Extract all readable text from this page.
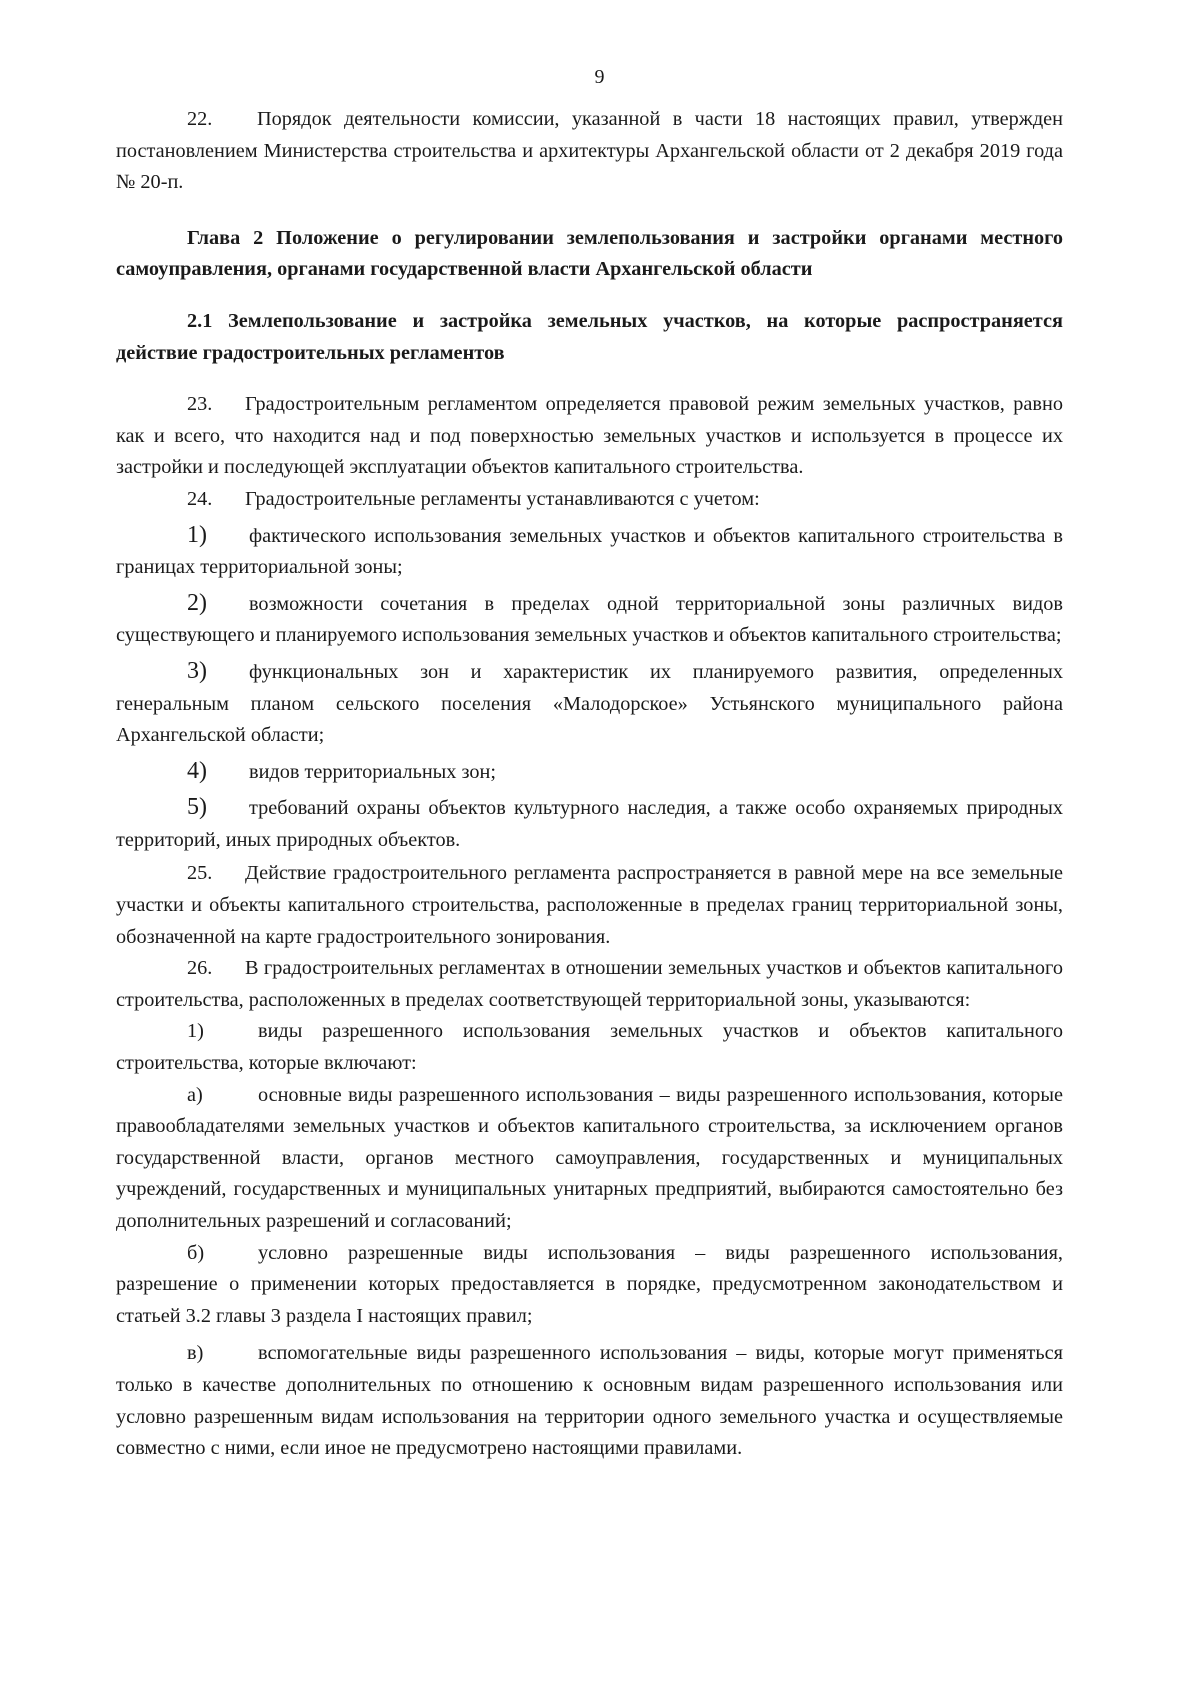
9

22. Порядок деятельности комиссии, указанной в части 18 настоящих правил, утвержден постановлением Министерства строительства и архитектуры Архангельской области от 2 декабря 2019 года № 20-п.

Глава 2 Положение о регулировании землепользования и застройки органами местного самоуправления, органами государственной власти Архангельской области

2.1 Землепользование и застройка земельных участков, на которые распространяется действие градостроительных регламентов

23. Градостроительным регламентом определяется правовой режим земельных участков, равно как и всего, что находится над и под поверхностью земельных участков и используется в процессе их застройки и последующей эксплуатации объектов капитального строительства.

24. Градостроительные регламенты устанавливаются с учетом:

1) фактического использования земельных участков и объектов капитального строительства в границах территориальной зоны;

2) возможности сочетания в пределах одной территориальной зоны различных видов существующего и планируемого использования земельных участков и объектов капитального строительства;

3) функциональных зон и характеристик их планируемого развития, определенных генеральным планом сельского поселения «Малодорское» Устьянского муниципального района Архангельской области;

4) видов территориальных зон;

5) требований охраны объектов культурного наследия, а также особо охраняемых природных территорий, иных природных объектов.

25. Действие градостроительного регламента распространяется в равной мере на все земельные участки и объекты капитального строительства, расположенные в пределах границ территориальной зоны, обозначенной на карте градостроительного зонирования.

26. В градостроительных регламентах в отношении земельных участков и объектов капитального строительства, расположенных в пределах соответствующей территориальной зоны, указываются:

1)	виды разрешенного использования земельных участков и объектов капитального строительства, которые включают:

а)	основные виды разрешенного использования – виды разрешенного использования, которые правообладателями земельных участков и объектов капитального строительства, за исключением органов государственной власти, органов местного самоуправления, государственных и муниципальных учреждений, государственных и муниципальных унитарных предприятий, выбираются самостоятельно без дополнительных разрешений и согласований;

б)	условно разрешенные виды использования – виды разрешенного использования, разрешение о применении которых предоставляется в порядке, предусмотренном законодательством и статьей 3.2 главы 3 раздела I настоящих правил;

в)	вспомогательные виды разрешенного использования – виды, которые могут применяться только в качестве дополнительных по отношению к основным видам разрешенного использования или условно разрешенным видам использования на территории одного земельного участка и осуществляемые совместно с ними, если иное не предусмотрено настоящими правилами.
